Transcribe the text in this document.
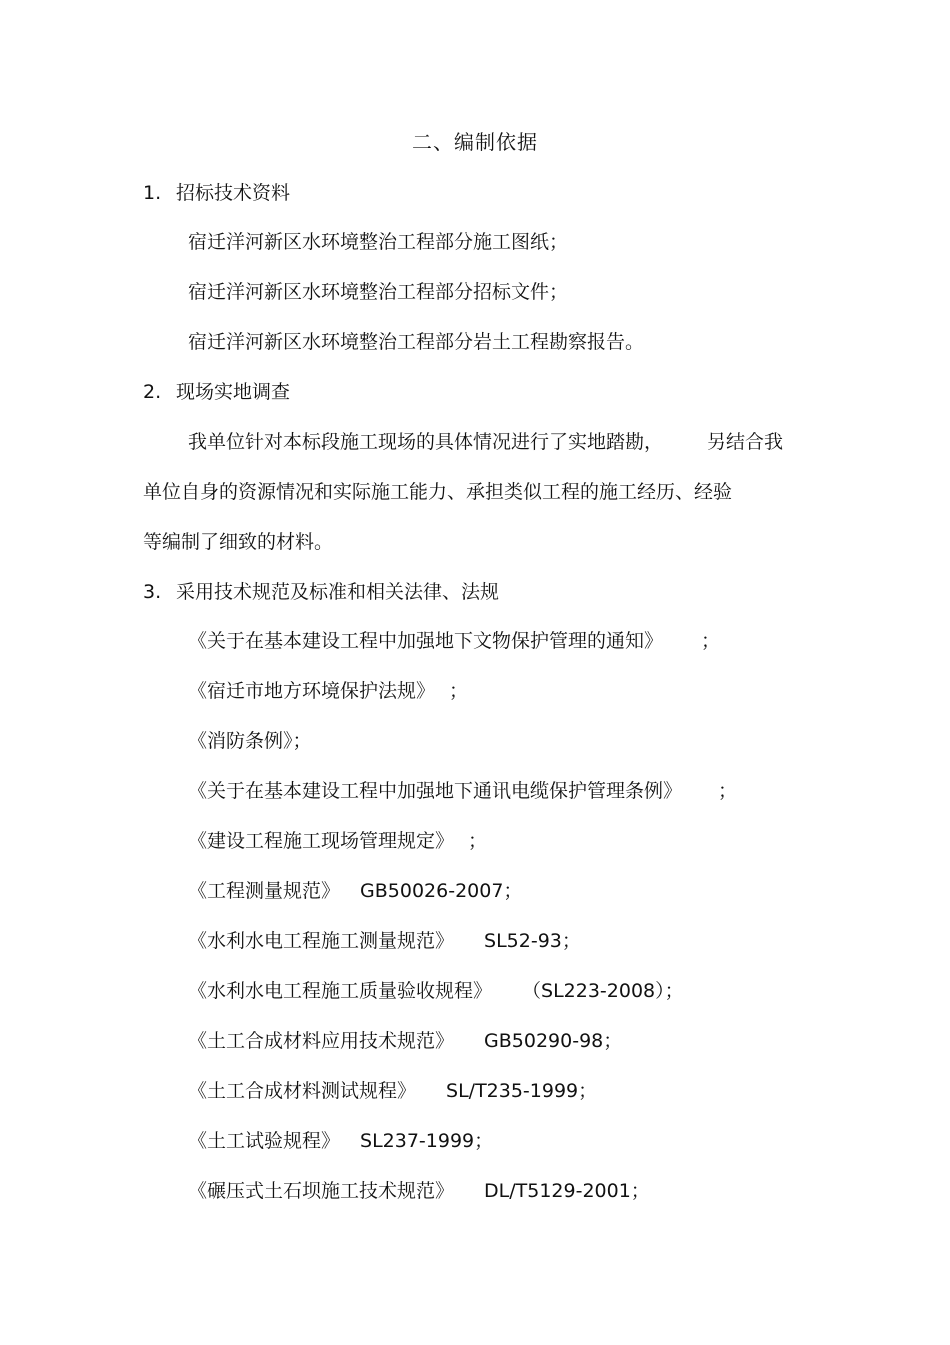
二、编制依据
1. 招标技术资料
宿迁洋河新区水环境整治工程部分施工图纸；
宿迁洋河新区水环境整治工程部分招标文件；
宿迁洋河新区水环境整治工程部分岩土工程勘察报告。
2. 现场实地调查
我单位针对本标段施工现场的具体情况进行了实地踏勘， 另结合我
单位自身的资源情况和实际施工能力、承担类似工程的施工经历、经验
等编制了细致的材料。
3. 采用技术规范及标准和相关法律、法规
《关于在基本建设工程中加强地下文物保护管理的通知》 ；
《宿迁市地方环境保护法规》 ；
《消防条例》；
《关于在基本建设工程中加强地下通讯电缆保护管理条例》 ；
《建设工程施工现场管理规定》 ；
《工程测量规范》 GB50026-2007；
《水利水电工程施工测量规范》 SL52-93；
《水利水电工程施工质量验收规程》 （SL223-2008）；
《土工合成材料应用技术规范》 GB50290-98；
《土工合成材料测试规程》 SL/T235-1999；
《土工试验规程》 SL237-1999；
《碾压式土石坝施工技术规范》 DL/T5129-2001；
